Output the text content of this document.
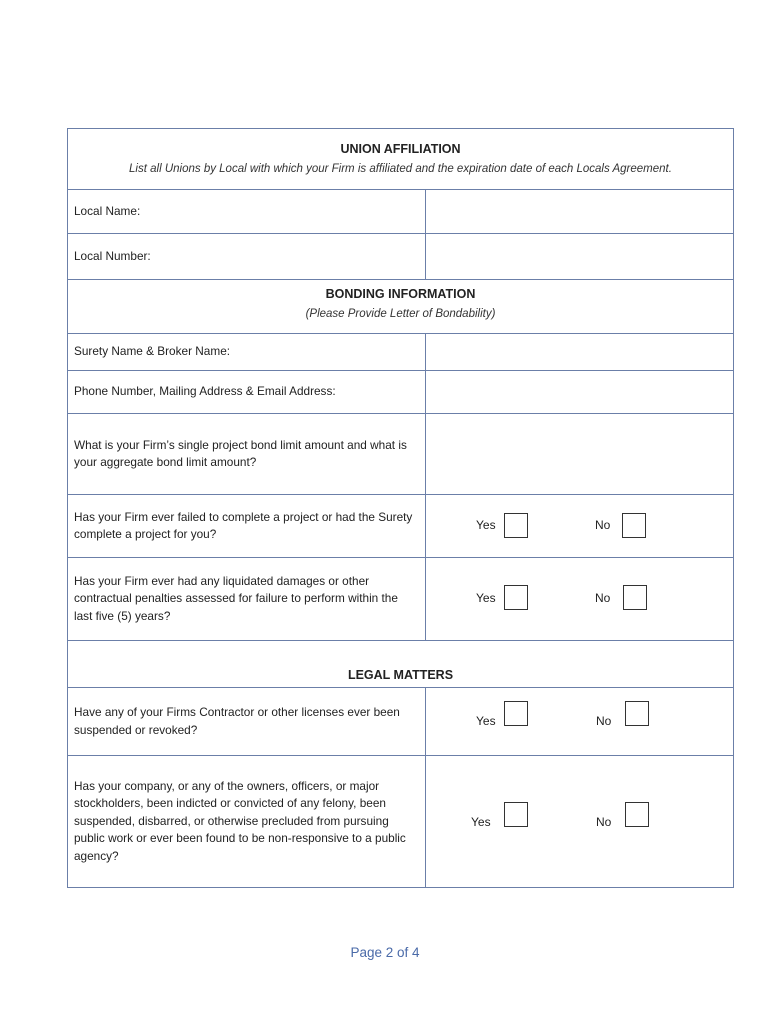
UNION AFFILIATION
List all Unions by Local with which your Firm is affiliated and the expiration date of each Locals Agreement.
Local Name:
Local Number:
BONDING INFORMATION
(Please Provide Letter of Bondability)
Surety Name & Broker Name:
Phone Number, Mailing Address & Email Address:
What is your Firm’s single project bond limit amount and what is your aggregate bond limit amount?
Has your Firm ever failed to complete a project or had the Surety complete a project for you?
Yes	No
Has your Firm ever had any liquidated damages or other contractual penalties assessed for failure to perform within the last five (5) years?
Yes	No
LEGAL MATTERS
Have any of your Firms Contractor or other licenses ever been suspended or revoked?
Yes	No
Has your company, or any of the owners, officers, or major stockholders, been indicted or convicted of any felony, been suspended, disbarred, or otherwise precluded from pursuing public work or ever been found to be non-responsive to a public agency?
Yes	No
Page 2 of 4
